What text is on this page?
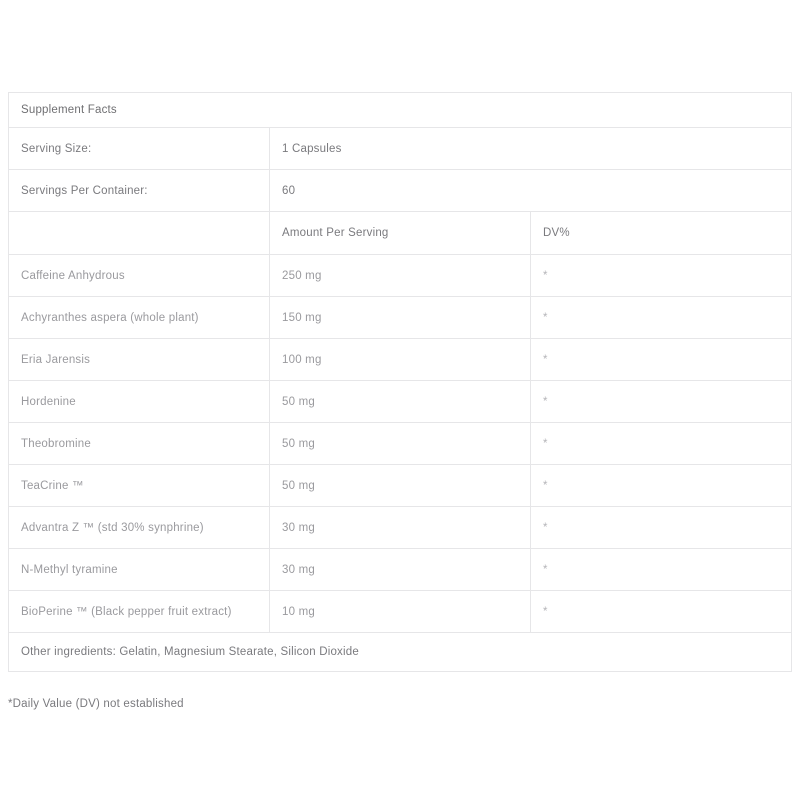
Supplement Facts		

Serving Size:	1 Capsules	

Servings Per Container:	60	

	Amount Per Serving	DV%

Caffeine Anhydrous	250 mg	*

Achyranthes aspera (whole plant)	150 mg	*

Eria Jarensis	100 mg	*

Hordenine	50 mg	*

Theobromine	50 mg	*

TeaCrine ™	50 mg	*

Advantra Z ™ (std 30% synphrine)	30 mg	*

N-Methyl tyramine	30 mg	*

BioPerine ™ (Black pepper fruit extract)	10 mg	*

Other ingredients: Gelatin, Magnesium Stearate, Silicon Dioxide		
*Daily Value (DV) not established
